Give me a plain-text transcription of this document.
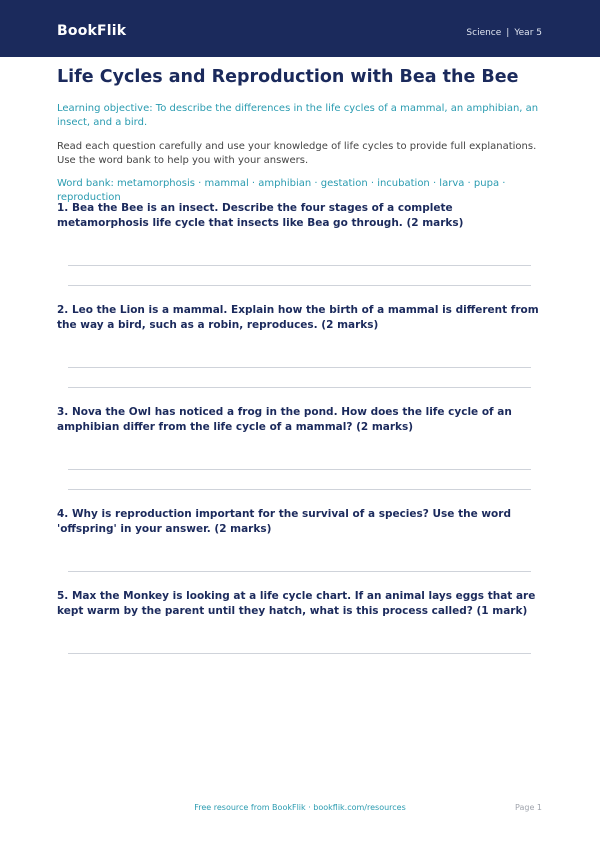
BookFlik	Science | Year 5
Life Cycles and Reproduction with Bea the Bee

Learning objective: To describe the differences in the life cycles of a mammal, an amphibian, an insect, and a bird.

Read each question carefully and use your knowledge of life cycles to provide full explanations. Use the word bank to help you with your answers.

Word bank: metamorphosis · mammal · amphibian · gestation · incubation · larva · pupa · reproduction

1. Bea the Bee is an insect. Describe the four stages of a complete metamorphosis life cycle that insects like Bea go through. (2 marks)

2. Leo the Lion is a mammal. Explain how the birth of a mammal is different from the way a bird, such as a robin, reproduces. (2 marks)

3. Nova the Owl has noticed a frog in the pond. How does the life cycle of an amphibian differ from the life cycle of a mammal? (2 marks)

4. Why is reproduction important for the survival of a species? Use the word 'offspring' in your answer. (2 marks)

5. Max the Monkey is looking at a life cycle chart. If an animal lays eggs that are kept warm by the parent until they hatch, what is this process called? (1 mark)

Free resource from BookFlik · bookflik.com/resources	Page 1
